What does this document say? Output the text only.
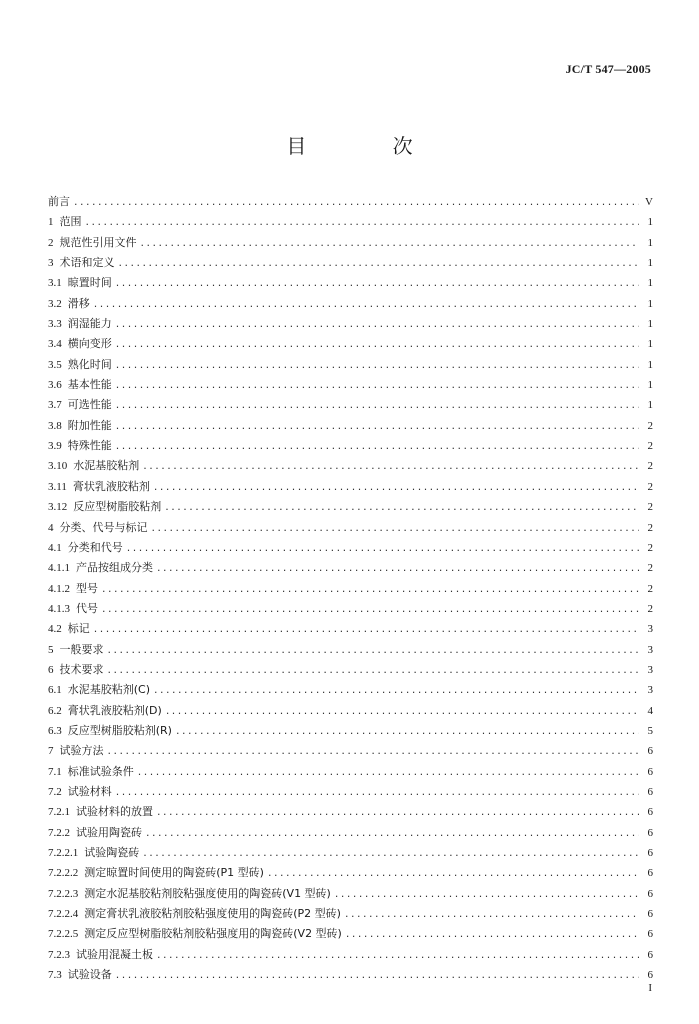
JC/T 547—2005
目 次
前言 .....	V
1 范围 .....	1
2 规范性引用文件 .....	1
3 术语和定义 .....	1
3.1 晾置时间 .....	1
3.2 滑移 .....	1
3.3 润湿能力 .....	1
3.4 横向变形 .....	1
3.5 熟化时间 .....	1
3.6 基本性能 .....	1
3.7 可选性能 .....	1
3.8 附加性能 .....	2
3.9 特殊性能 .....	2
3.10 水泥基胶粘剂 .....	2
3.11 膏状乳液胶粘剂 .....	2
3.12 反应型树脂胶粘剂 .....	2
4 分类、代号与标记 .....	2
4.1 分类和代号 .....	2
4.1.1 产品按组成分类 .....	2
4.1.2 型号 .....	2
4.1.3 代号 .....	2
4.2 标记 .....	3
5 一般要求 .....	3
6 技术要求 .....	3
6.1 水泥基胶粘剂(C) .....	3
6.2 膏状乳液胶粘剂(D) .....	4
6.3 反应型树脂胶粘剂(R) .....	5
7 试验方法 .....	6
7.1 标准试验条件 .....	6
7.2 试验材料 .....	6
7.2.1 试验材料的放置 .....	6
7.2.2 试验用陶瓷砖 .....	6
7.2.2.1 试验陶瓷砖 .....	6
7.2.2.2 测定晾置时间使用的陶瓷砖(P1 型砖) .....	6
7.2.2.3 测定水泥基胶粘剂胶粘强度使用的陶瓷砖(V1 型砖) .....	6
7.2.2.4 测定膏状乳液胶粘剂胶粘强度使用的陶瓷砖(P2 型砖) .....	6
7.2.2.5 测定反应型树脂胶粘剂胶粘强度用的陶瓷砖(V2 型砖) .....	6
7.2.3 试验用混凝土板 .....	6
7.3 试验设备 .....	6
I
